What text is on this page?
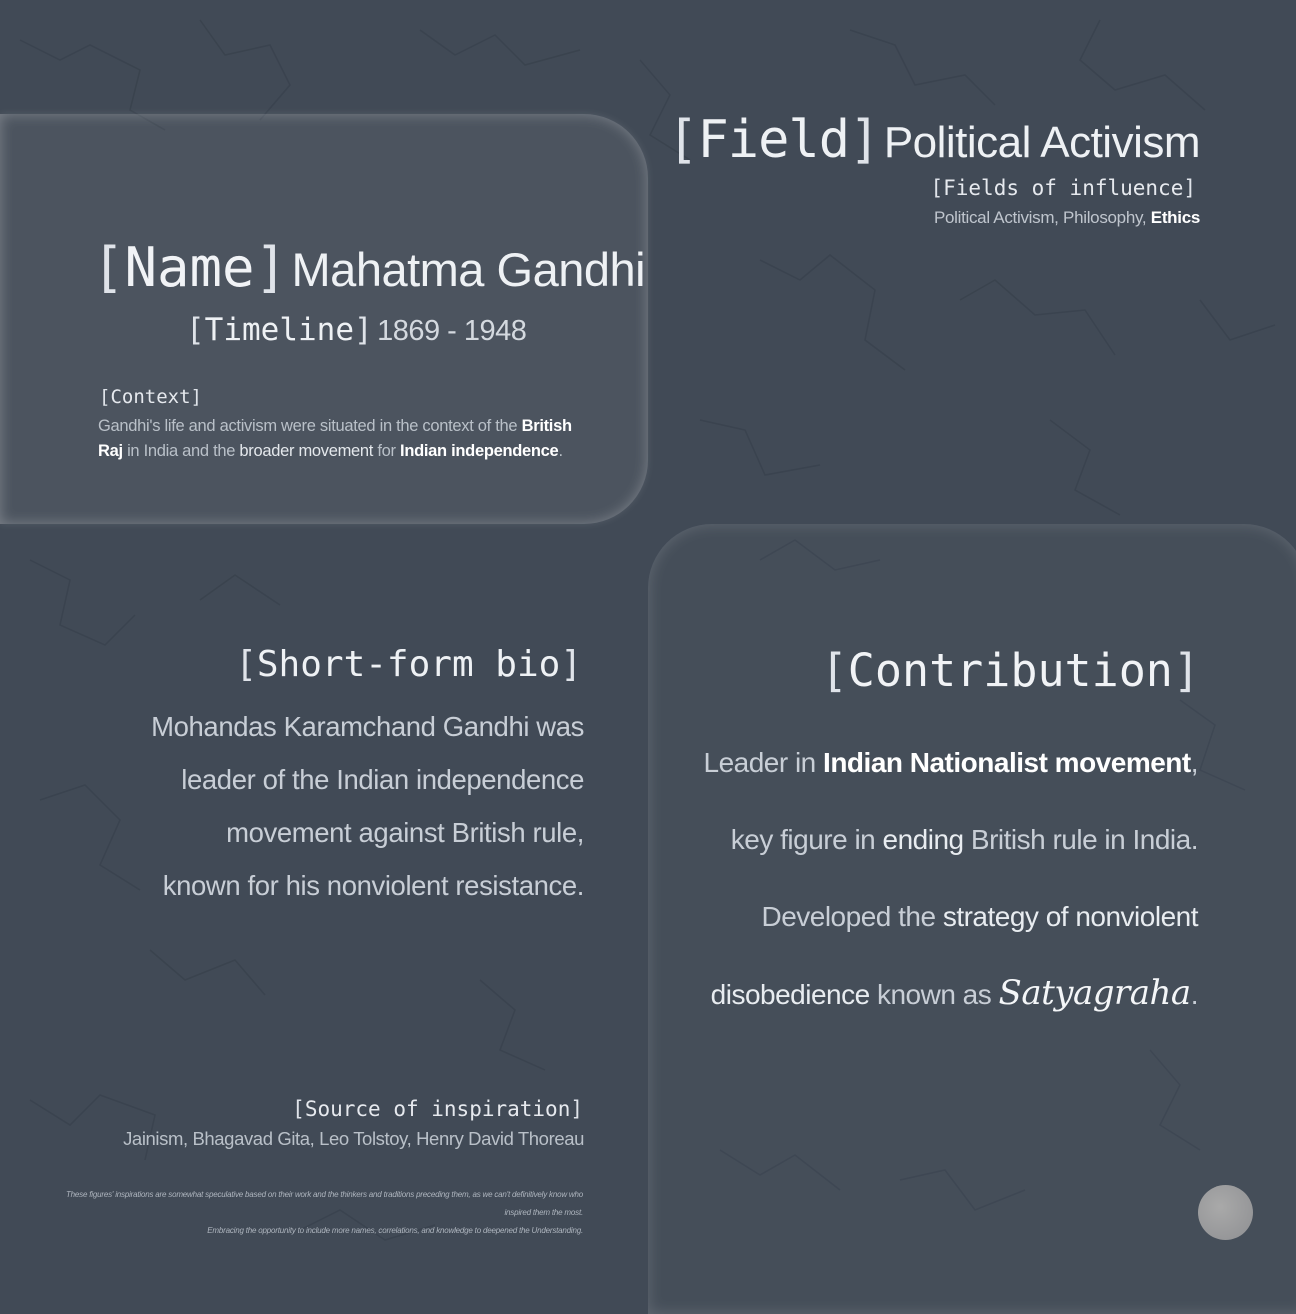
[Field] Political Activism
[Fields of influence]
Political Activism, Philosophy, Ethics
[Name] Mahatma Gandhi
[Timeline] 1869 - 1948
[Context]
Gandhi's life and activism were situated in the context of the British Raj in India and the broader movement for Indian independence.
[Short-form bio]
Mohandas Karamchand Gandhi was leader of the Indian independence movement against British rule, known for his nonviolent resistance.
[Source of inspiration]
Jainism, Bhagavad Gita, Leo Tolstoy, Henry David Thoreau
These figures' inspirations are somewhat speculative based on their work and the thinkers and traditions preceding them, as we can't definitively know who inspired them the most.
Embracing the opportunity to include more names, correlations, and knowledge to deepened the Understanding.
[Contribution]
Leader in Indian Nationalist movement, key figure in ending British rule in India. Developed the strategy of nonviolent disobedience known as Satyagraha.
